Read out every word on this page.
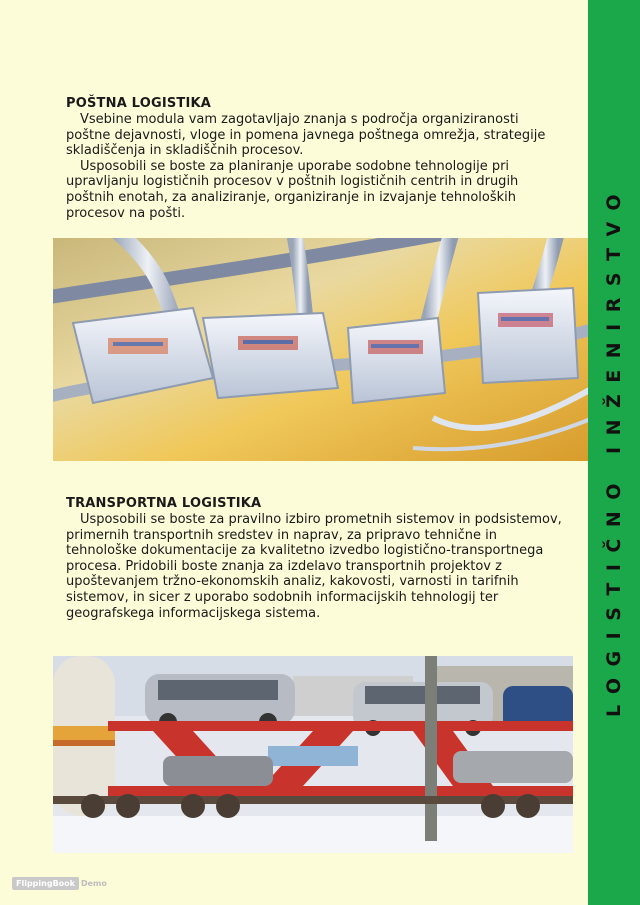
POŠTNA LOGISTIKA

Vsebine modula vam zagotavljajo znanja s področja organiziranosti poštne dejavnosti, vloge in pomena javnega poštnega omrežja, strategije skladiščenja in skladiščnih procesov.

Usposobili se boste za planiranje uporabe sodobne tehnologije pri upravljanju logističnih procesov v poštnih logističnih centrih in drugih poštnih enotah, za analiziranje, organiziranje in izvajanje tehnoloških procesov na pošti.

TRANSPORTNA LOGISTIKA

Usposobili se boste za pravilno izbiro prometnih sistemov in podsistemov, primernih transportnih sredstev in naprav, za pripravo tehnične in tehnološke dokumentacije za kvalitetno izvedbo logistično-transportnega procesa. Pridobili boste znanja za izdelavo transportnih projektov z upoštevanjem tržno-ekonomskih analiz, kakovosti, varnosti in tarifnih sistemov, in sicer z uporabo sodobnih informacijskih tehnologij ter geografskega informacijskega sistema.

FlippingBook Demo
LOGISTIČNO INŽENIRSTVO
